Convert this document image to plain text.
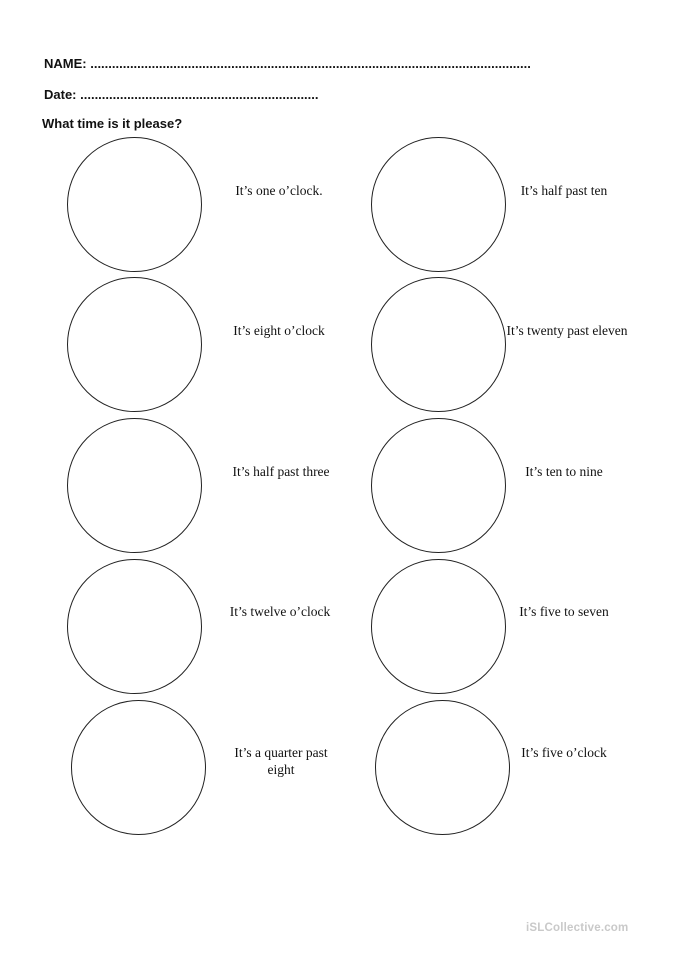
NAME: ..........................................................................................................................
Date: ..................................................................
What time is it please?
It’s one o’clock.	It’s half past ten
It’s eight o’clock	It’s twenty past eleven
It’s half past three	It’s ten to nine
It’s twelve o’clock	It’s five to seven
It’s a quarter past eight
It’s five o’clock
iSLCollective.com
